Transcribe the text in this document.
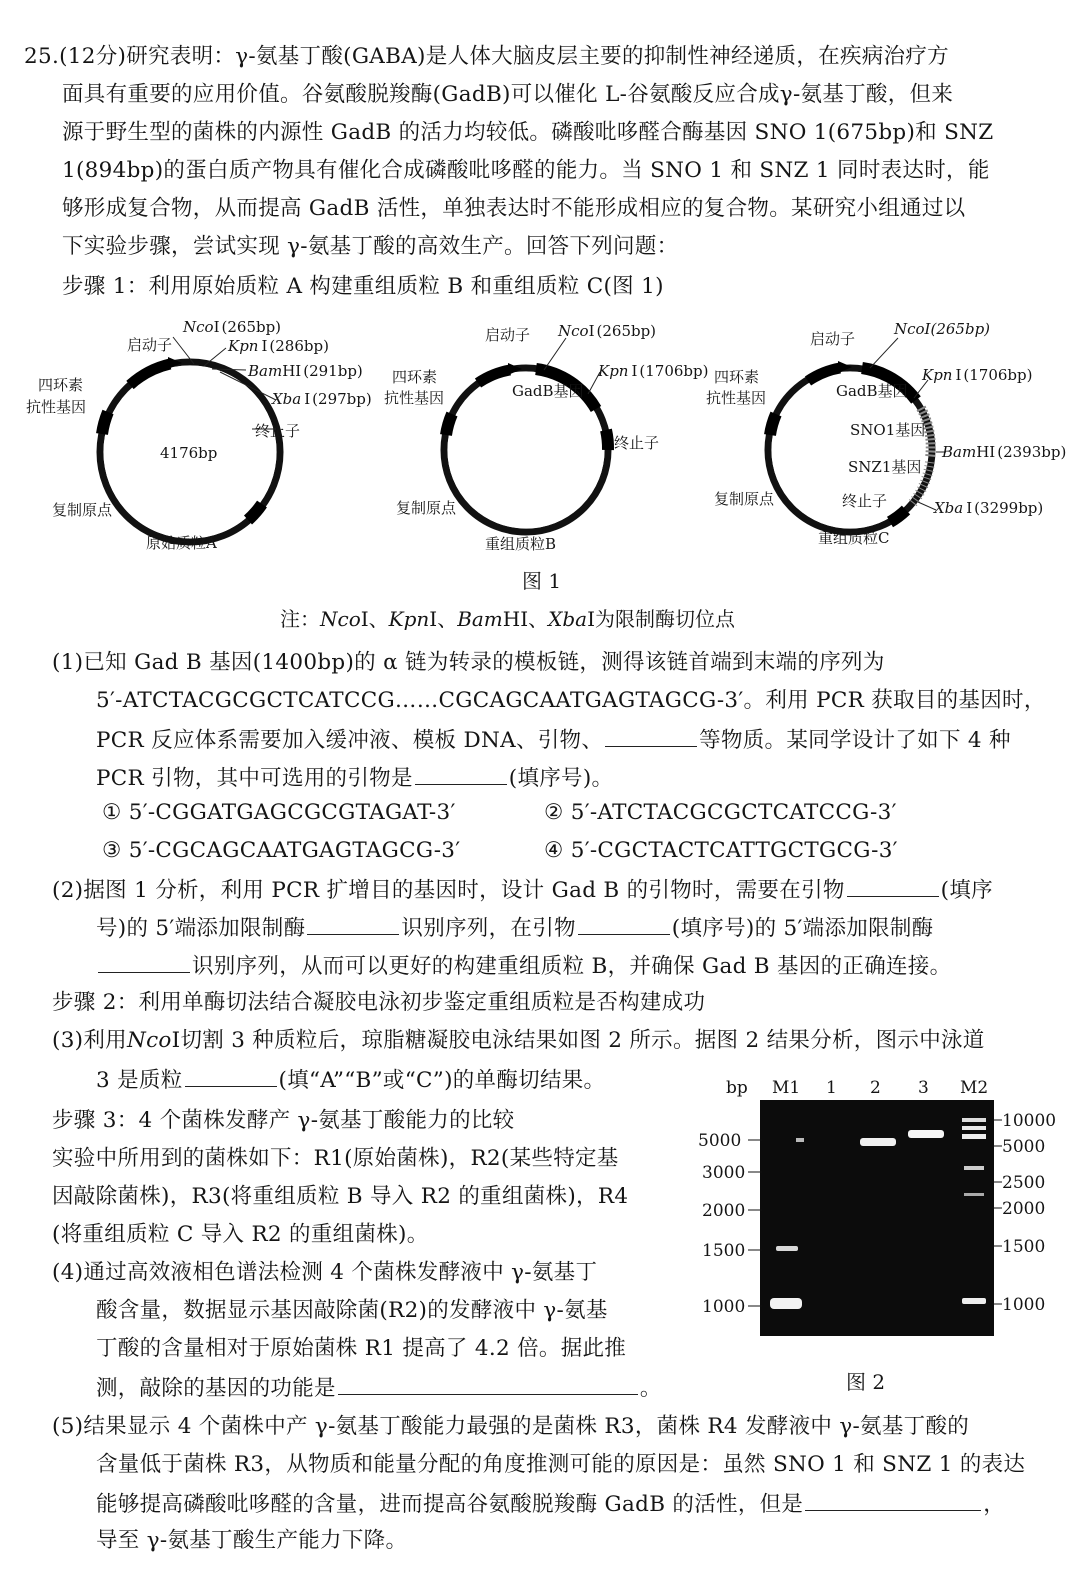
25.(12分)研究表明：γ-氨基丁酸(GABA)是人体大脑皮层主要的抑制性神经递质，在疾病治疗方
面具有重要的应用价值。谷氨酸脱羧酶(GadB)可以催化 L-谷氨酸反应合成γ-氨基丁酸，但来
源于野生型的菌株的内源性 GadB 的活力均较低。磷酸吡哆醛合酶基因 SNO 1(675bp)和 SNZ
1(894bp)的蛋白质产物具有催化合成磷酸吡哆醛的能力。当 SNO 1 和 SNZ 1 同时表达时，能
够形成复合物，从而提高 GadB 活性，单独表达时不能形成相应的复合物。某研究小组通过以
下实验步骤，尝试实现 γ-氨基丁酸的高效生产。回答下列问题：
步骤 1：利用原始质粒 A 构建重组质粒 B 和重组质粒 C(图 1)
NcoⅠ (265bp)
Kpn Ⅰ (286bp)
BamHⅠ (291bp)
Xba Ⅰ (297bp)
启动子
四环素
抗性基因
终止子
4176bp
复制原点
原始质粒A
启动子 NcoⅠ (265bp)
Kpn Ⅰ (1706bp)
GadB基因
四环素
抗性基因
终止子
复制原点
重组质粒B
启动子
NcoⅠ(265bp)
Kpn Ⅰ (1706bp)
GadB基因
SNO1基因
SNZ1基因
BamHⅠ (2393bp)
Xba Ⅰ (3299bp)
四环素
抗性基因
终止子
复制原点
重组质粒C
图 1
注：NcoⅠ、KpnⅠ、BamHⅠ、XbaⅠ为限制酶切位点
(1)已知 Gad B 基因(1400bp)的 α 链为转录的模板链，测得该链首端到末端的序列为
5′-ATCTACGCGCTCATCCG……CGCAGCAATGAGTAGCG-3′。利用 PCR 获取目的基因时，
PCR 反应体系需要加入缓冲液、模板 DNA、引物、	等物质。某同学设计了如下 4 种
PCR 引物，其中可选用的引物是	(填序号)。
① 5′-CGGATGAGCGCGTAGAT-3′	② 5′-ATCTACGCGCTCATCCG-3′
③ 5′-CGCAGCAATGAGTAGCG-3′	④ 5′-CGCTACTCATTGCTGCG-3′
(2)据图 1 分析，利用 PCR 扩增目的基因时，设计 Gad B 的引物时，需要在引物	(填序
号)的 5′端添加限制酶	识别序列，在引物	(填序号)的 5′端添加限制酶
识别序列，从而可以更好的构建重组质粒 B，并确保 Gad B 基因的正确连接。
步骤 2：利用单酶切法结合凝胶电泳初步鉴定重组质粒是否构建成功
(3)利用NcoⅠ切割 3 种质粒后，琼脂糖凝胶电泳结果如图 2 所示。据图 2 结果分析，图示中泳道
3 是质粒	(填“A”“B”或“C”)的单酶切结果。
步骤 3：4 个菌株发酵产 γ-氨基丁酸能力的比较
实验中所用到的菌株如下：R1(原始菌株)，R2(某些特定基
因敲除菌株)，R3(将重组质粒 B 导入 R2 的重组菌株)，R4
(将重组质粒 C 导入 R2 的重组菌株)。
(4)通过高效液相色谱法检测 4 个菌株发酵液中 γ-氨基丁
酸含量，数据显示基因敲除菌(R2)的发酵液中 γ-氨基
丁酸的含量相对于原始菌株 R1 提高了 4.2 倍。据此推
测，敲除的基因的功能是	。
bp M1 1 2 3 M2
5000
3000
2000
1500
1000
10000
5000
2500
2000
1500
1000
图 2
(5)结果显示 4 个菌株中产 γ-氨基丁酸能力最强的是菌株 R3，菌株 R4 发酵液中 γ-氨基丁酸的
含量低于菌株 R3，从物质和能量分配的角度推测可能的原因是：虽然 SNO 1 和 SNZ 1 的表达
能够提高磷酸吡哆醛的含量，进而提高谷氨酸脱羧酶 GadB 的活性，但是	，
导至 γ-氨基丁酸生产能力下降。
